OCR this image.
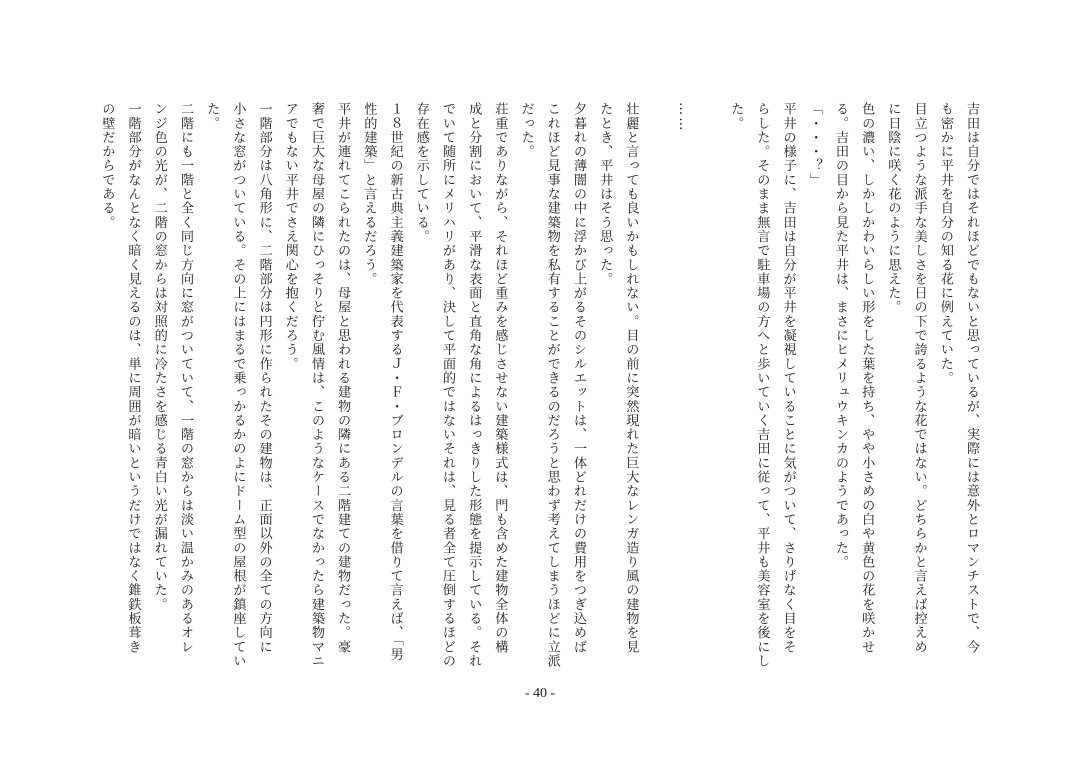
吉田は自分ではそれほどでもないと思っているが、実際には意外とロマンチストで、今
も密かに平井を自分の知る花に例えていた。
目立つような派手な美しさを日の下で誇るような花ではない。どちらかと言えば控えめ
に日陰に咲く花のように思えた。
色の濃い、しかしかわいらしい形をした葉を持ち、やや小さめの白や黄色の花を咲かせ
る。吉田の目から見た平井は、まさにヒメリュウキンカのようであった。
「・・・？」
平井の様子に、吉田は自分が平井を凝視していることに気がついて、さりげなく目をそ
らした。そのまま無言で駐車場の方へと歩いていく吉田に従って、平井も美容室を後にし
た。
……
壮麗と言っても良いかもしれない。目の前に突然現れた巨大なレンガ造り風の建物を見
たとき、平井はそう思った。
夕暮れの薄闇の中に浮かび上がるそのシルエットは、一体どれだけの費用をつぎ込めば
これほど見事な建築物を私有することができるのだろうと思わず考えてしまうほどに立派
だった。
荘重でありながら、それほど重みを感じさせない建築様式は、門も含めた建物全体の構
成と分割において、平滑な表面と直角な角によるはっきりした形態を提示している。それ
でいて随所にメリハリがあり、決して平面的ではないそれは、見る者全て圧倒するほどの
存在感を示している。
１８世紀の新古典主義建築家を代表するＪ・Ｆ・ブロンデルの言葉を借りて言えば、「男
性的建築」と言えるだろう。
平井が連れてこられたのは、母屋と思われる建物の隣にある二階建ての建物だった。豪
奢で巨大な母屋の隣にひっそりと佇む風情は、このようなケースでなかったら建築物マニ
アでもない平井でさえ関心を抱くだろう。
一階部分は八角形に、二階部分は円形に作られたその建物は、正面以外の全ての方向に
小さな窓がついている。その上にはまるで乗っかるかのよにドーム型の屋根が鎮座してい
た。
二階にも一階と全く同じ方向に窓がついていて、一階の窓からは淡い温かみのあるオレ
ンジ色の光が、二階の窓からは対照的に冷たさを感じる青白い光が漏れていた。
一階部分がなんとなく暗く見えるのは、単に周囲が暗いというだけではなく錐鉄板葺き
の壁だからである。
- 40 -
